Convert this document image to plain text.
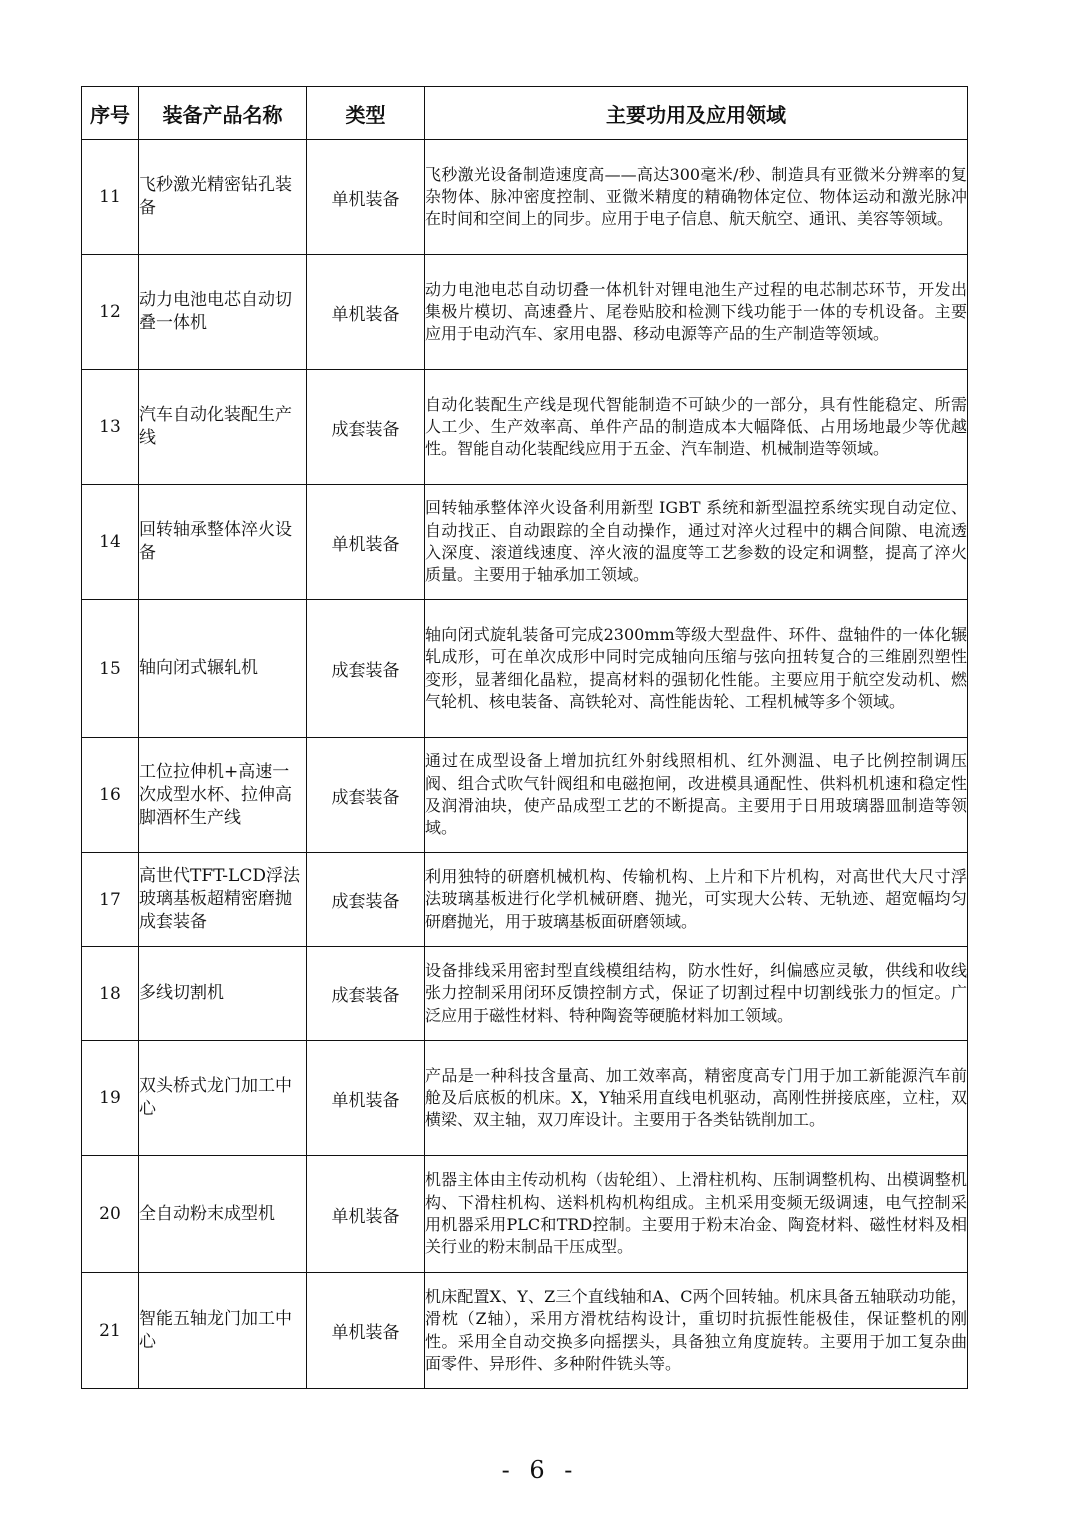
序号	装备产品名称	类型	主要功用及应用领域
11	飞秒激光精密钻孔装备	单机装备	飞秒激光设备制造速度高——高达300毫米/秒、制造具有亚微米分辨率的复杂物体、脉冲密度控制、亚微米精度的精确物体定位、物体运动和激光脉冲在时间和空间上的同步。应用于电子信息、航天航空、通讯、美容等领域。
12	动力电池电芯自动切叠一体机	单机装备	动力电池电芯自动切叠一体机针对锂电池生产过程的电芯制芯环节，开发出集极片模切、高速叠片、尾卷贴胶和检测下线功能于一体的专机设备。主要应用于电动汽车、家用电器、移动电源等产品的生产制造等领域。
13	汽车自动化装配生产线	成套装备	自动化装配生产线是现代智能制造不可缺少的一部分，具有性能稳定、所需人工少、生产效率高、单件产品的制造成本大幅降低、占用场地最少等优越性。智能自动化装配线应用于五金、汽车制造、机械制造等领域。
14	回转轴承整体淬火设备	单机装备	回转轴承整体淬火设备利用新型 IGBT 系统和新型温控系统实现自动定位、自动找正、自动跟踪的全自动操作，通过对淬火过程中的耦合间隙、电流透入深度、滚道线速度、淬火液的温度等工艺参数的设定和调整，提高了淬火质量。主要用于轴承加工领域。
15	轴向闭式辗轧机	成套装备	轴向闭式旋轧装备可完成2300mm等级大型盘件、环件、盘轴件的一体化辗轧成形，可在单次成形中同时完成轴向压缩与弦向扭转复合的三维剧烈塑性变形，显著细化晶粒，提高材料的强韧化性能。主要应用于航空发动机、燃气轮机、核电装备、高铁轮对、高性能齿轮、工程机械等多个领域。
16	工位拉伸机+高速一次成型水杯、拉伸高脚酒杯生产线	成套装备	通过在成型设备上增加抗红外射线照相机、红外测温、电子比例控制调压阀、组合式吹气针阀组和电磁抱闸，改进模具通配性、供料机机速和稳定性及润滑油块，使产品成型工艺的不断提高。主要用于日用玻璃器皿制造等领域。
17	高世代TFT-LCD浮法玻璃基板超精密磨抛成套装备	成套装备	利用独特的研磨机械机构、传输机构、上片和下片机构，对高世代大尺寸浮法玻璃基板进行化学机械研磨、抛光，可实现大公转、无轨迹、超宽幅均匀研磨抛光，用于玻璃基板面研磨领域。
18	多线切割机	成套装备	设备排线采用密封型直线模组结构，防水性好，纠偏感应灵敏，供线和收线张力控制采用闭环反馈控制方式，保证了切割过程中切割线张力的恒定。广泛应用于磁性材料、特种陶瓷等硬脆材料加工领域。
19	双头桥式龙门加工中心	单机装备	产品是一种科技含量高、加工效率高，精密度高专门用于加工新能源汽车前舱及后底板的机床。X，Y轴采用直线电机驱动，高刚性拼接底座，立柱，双横梁、双主轴，双刀库设计。主要用于各类钻铣削加工。
20	全自动粉末成型机	单机装备	机器主体由主传动机构（齿轮组）、上滑柱机构、压制调整机构、出模调整机构、下滑柱机构、送料机构机构组成。主机采用变频无级调速，电气控制采用机器采用PLC和TRD控制。主要用于粉末冶金、陶瓷材料、磁性材料及相关行业的粉末制品干压成型。
21	智能五轴龙门加工中心	单机装备	机床配置X、Y、Z三个直线轴和A、C两个回转轴。机床具备五轴联动功能，滑枕（Z轴），采用方滑枕结构设计，重切时抗振性能极佳，保证整机的刚性。采用全自动交换多向摇摆头，具备独立角度旋转。主要用于加工复杂曲面零件、异形件、多种附件铣头等。
- 6 -
